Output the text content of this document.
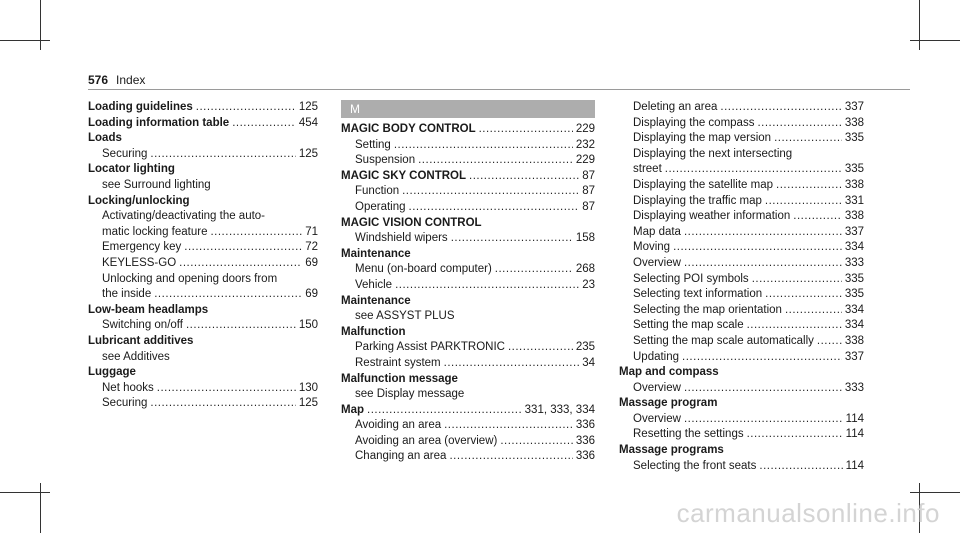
576 Index
Loading guidelines .....	125
Loading information table .....	454
Loads
Securing .....	125
Locator lighting
see Surround lighting
Locking/unlocking
Activating/deactivating the auto-
matic locking feature .....	71
Emergency key .....	72
KEYLESS-GO .....	69
Unlocking and opening doors from
the inside .....	69
Low-beam headlamps
Switching on/off .....	150
Lubricant additives
see Additives
Luggage
Net hooks .....	130
Securing .....	125
M
MAGIC BODY CONTROL .....	229
Setting .....	232
Suspension .....	229
MAGIC SKY CONTROL .....	87
Function .....	87
Operating .....	87
MAGIC VISION CONTROL
Windshield wipers .....	158
Maintenance
Menu (on-board computer) .....	268
Vehicle .....	23
Maintenance
see ASSYST PLUS
Malfunction
Parking Assist PARKTRONIC .....	235
Restraint system .....	34
Malfunction message
see Display message
Map .....	331, 333, 334
Avoiding an area .....	336
Avoiding an area (overview) .....	336
Changing an area .....	336
Deleting an area .....	337
Displaying the compass .....	338
Displaying the map version .....	335
Displaying the next intersecting
street .....	335
Displaying the satellite map .....	338
Displaying the traffic map .....	331
Displaying weather information .....	338
Map data .....	337
Moving .....	334
Overview .....	333
Selecting POI symbols .....	335
Selecting text information .....	335
Selecting the map orientation .....	334
Setting the map scale .....	334
Setting the map scale automatically .....	338
Updating .....	337
Map and compass
Overview .....	333
Massage program
Overview .....	114
Resetting the settings .....	114
Massage programs
Selecting the front seats .....	114
carmanualsonline.info
